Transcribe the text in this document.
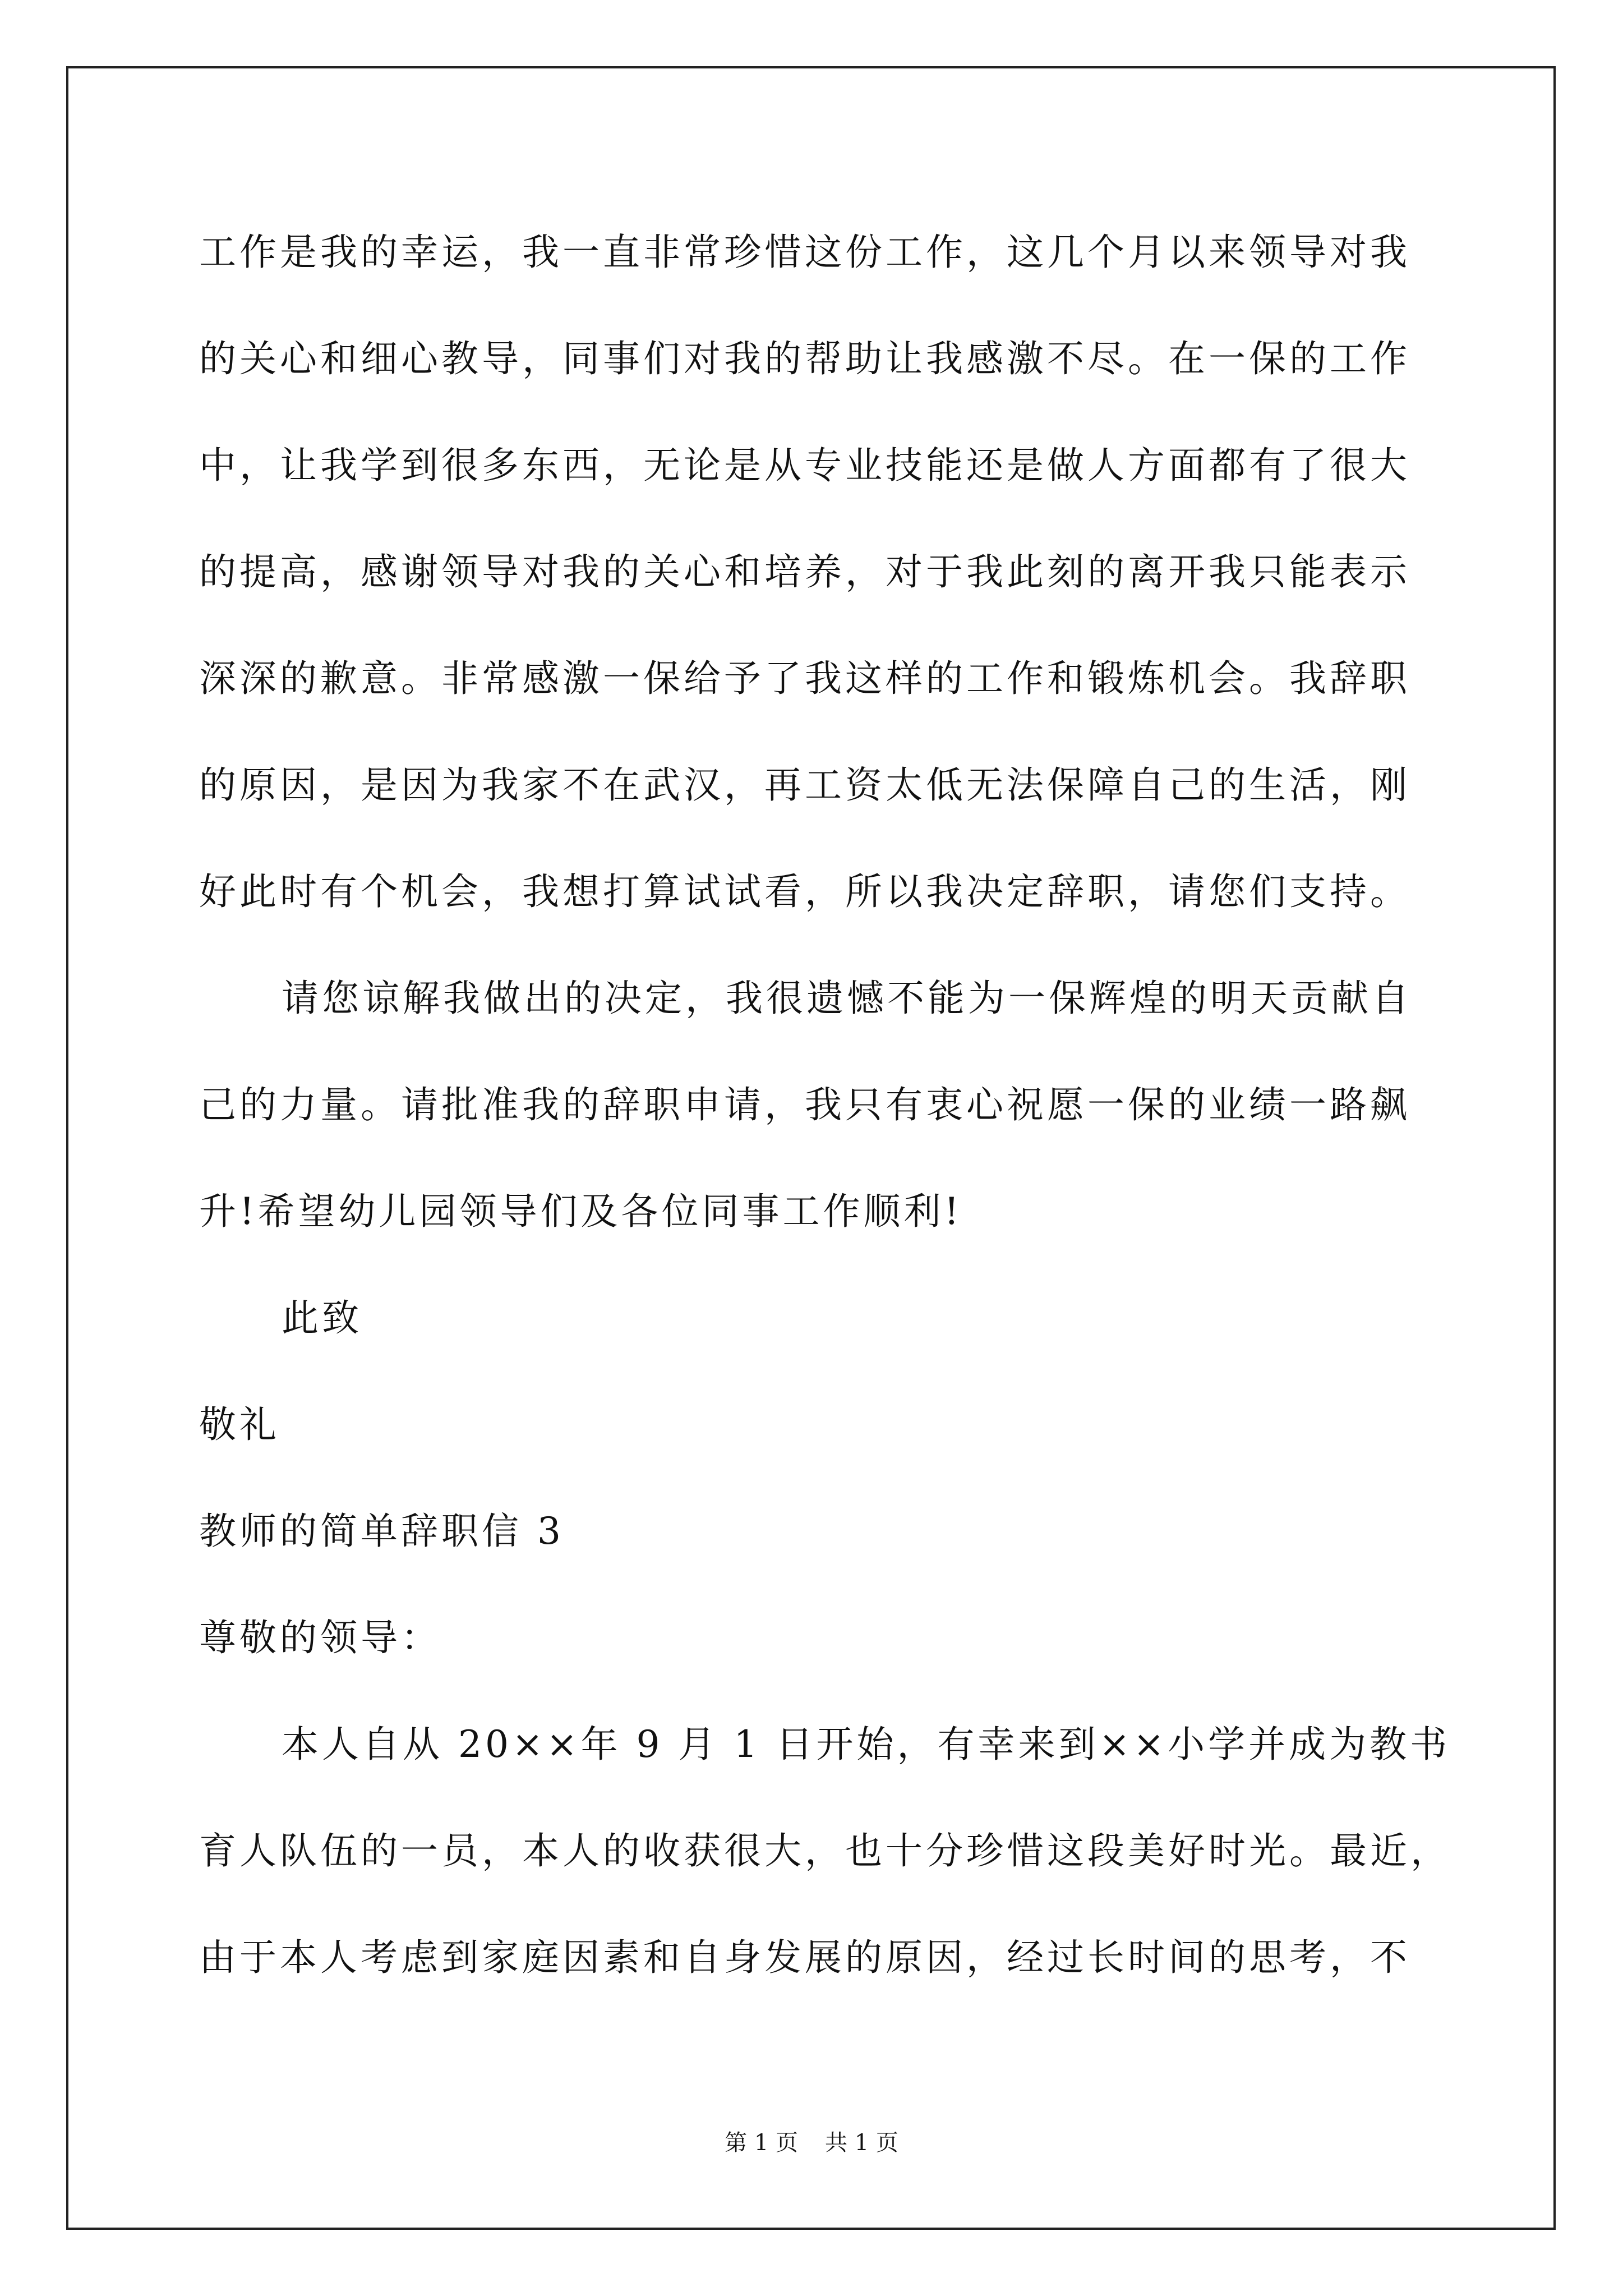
工作是我的幸运，我一直非常珍惜这份工作，这几个月以来领导对我
的关心和细心教导，同事们对我的帮助让我感激不尽。在一保的工作
中，让我学到很多东西，无论是从专业技能还是做人方面都有了很大
的提高，感谢领导对我的关心和培养，对于我此刻的离开我只能表示
深深的歉意。非常感激一保给予了我这样的工作和锻炼机会。我辞职
的原因，是因为我家不在武汉，再工资太低无法保障自己的生活，刚
好此时有个机会，我想打算试试看，所以我决定辞职，请您们支持。
请您谅解我做出的决定，我很遗憾不能为一保辉煌的明天贡献自
己的力量。请批准我的辞职申请，我只有衷心祝愿一保的业绩一路飙
升!希望幼儿园领导们及各位同事工作顺利!
此致
敬礼
教师的简单辞职信 3
尊敬的领导：
本人自从 20××年 9 月 1 日开始，有幸来到××小学并成为教书
育人队伍的一员，本人的收获很大，也十分珍惜这段美好时光。最近，
由于本人考虑到家庭因素和自身发展的原因，经过长时间的思考，不
第 1 页 共 1 页
